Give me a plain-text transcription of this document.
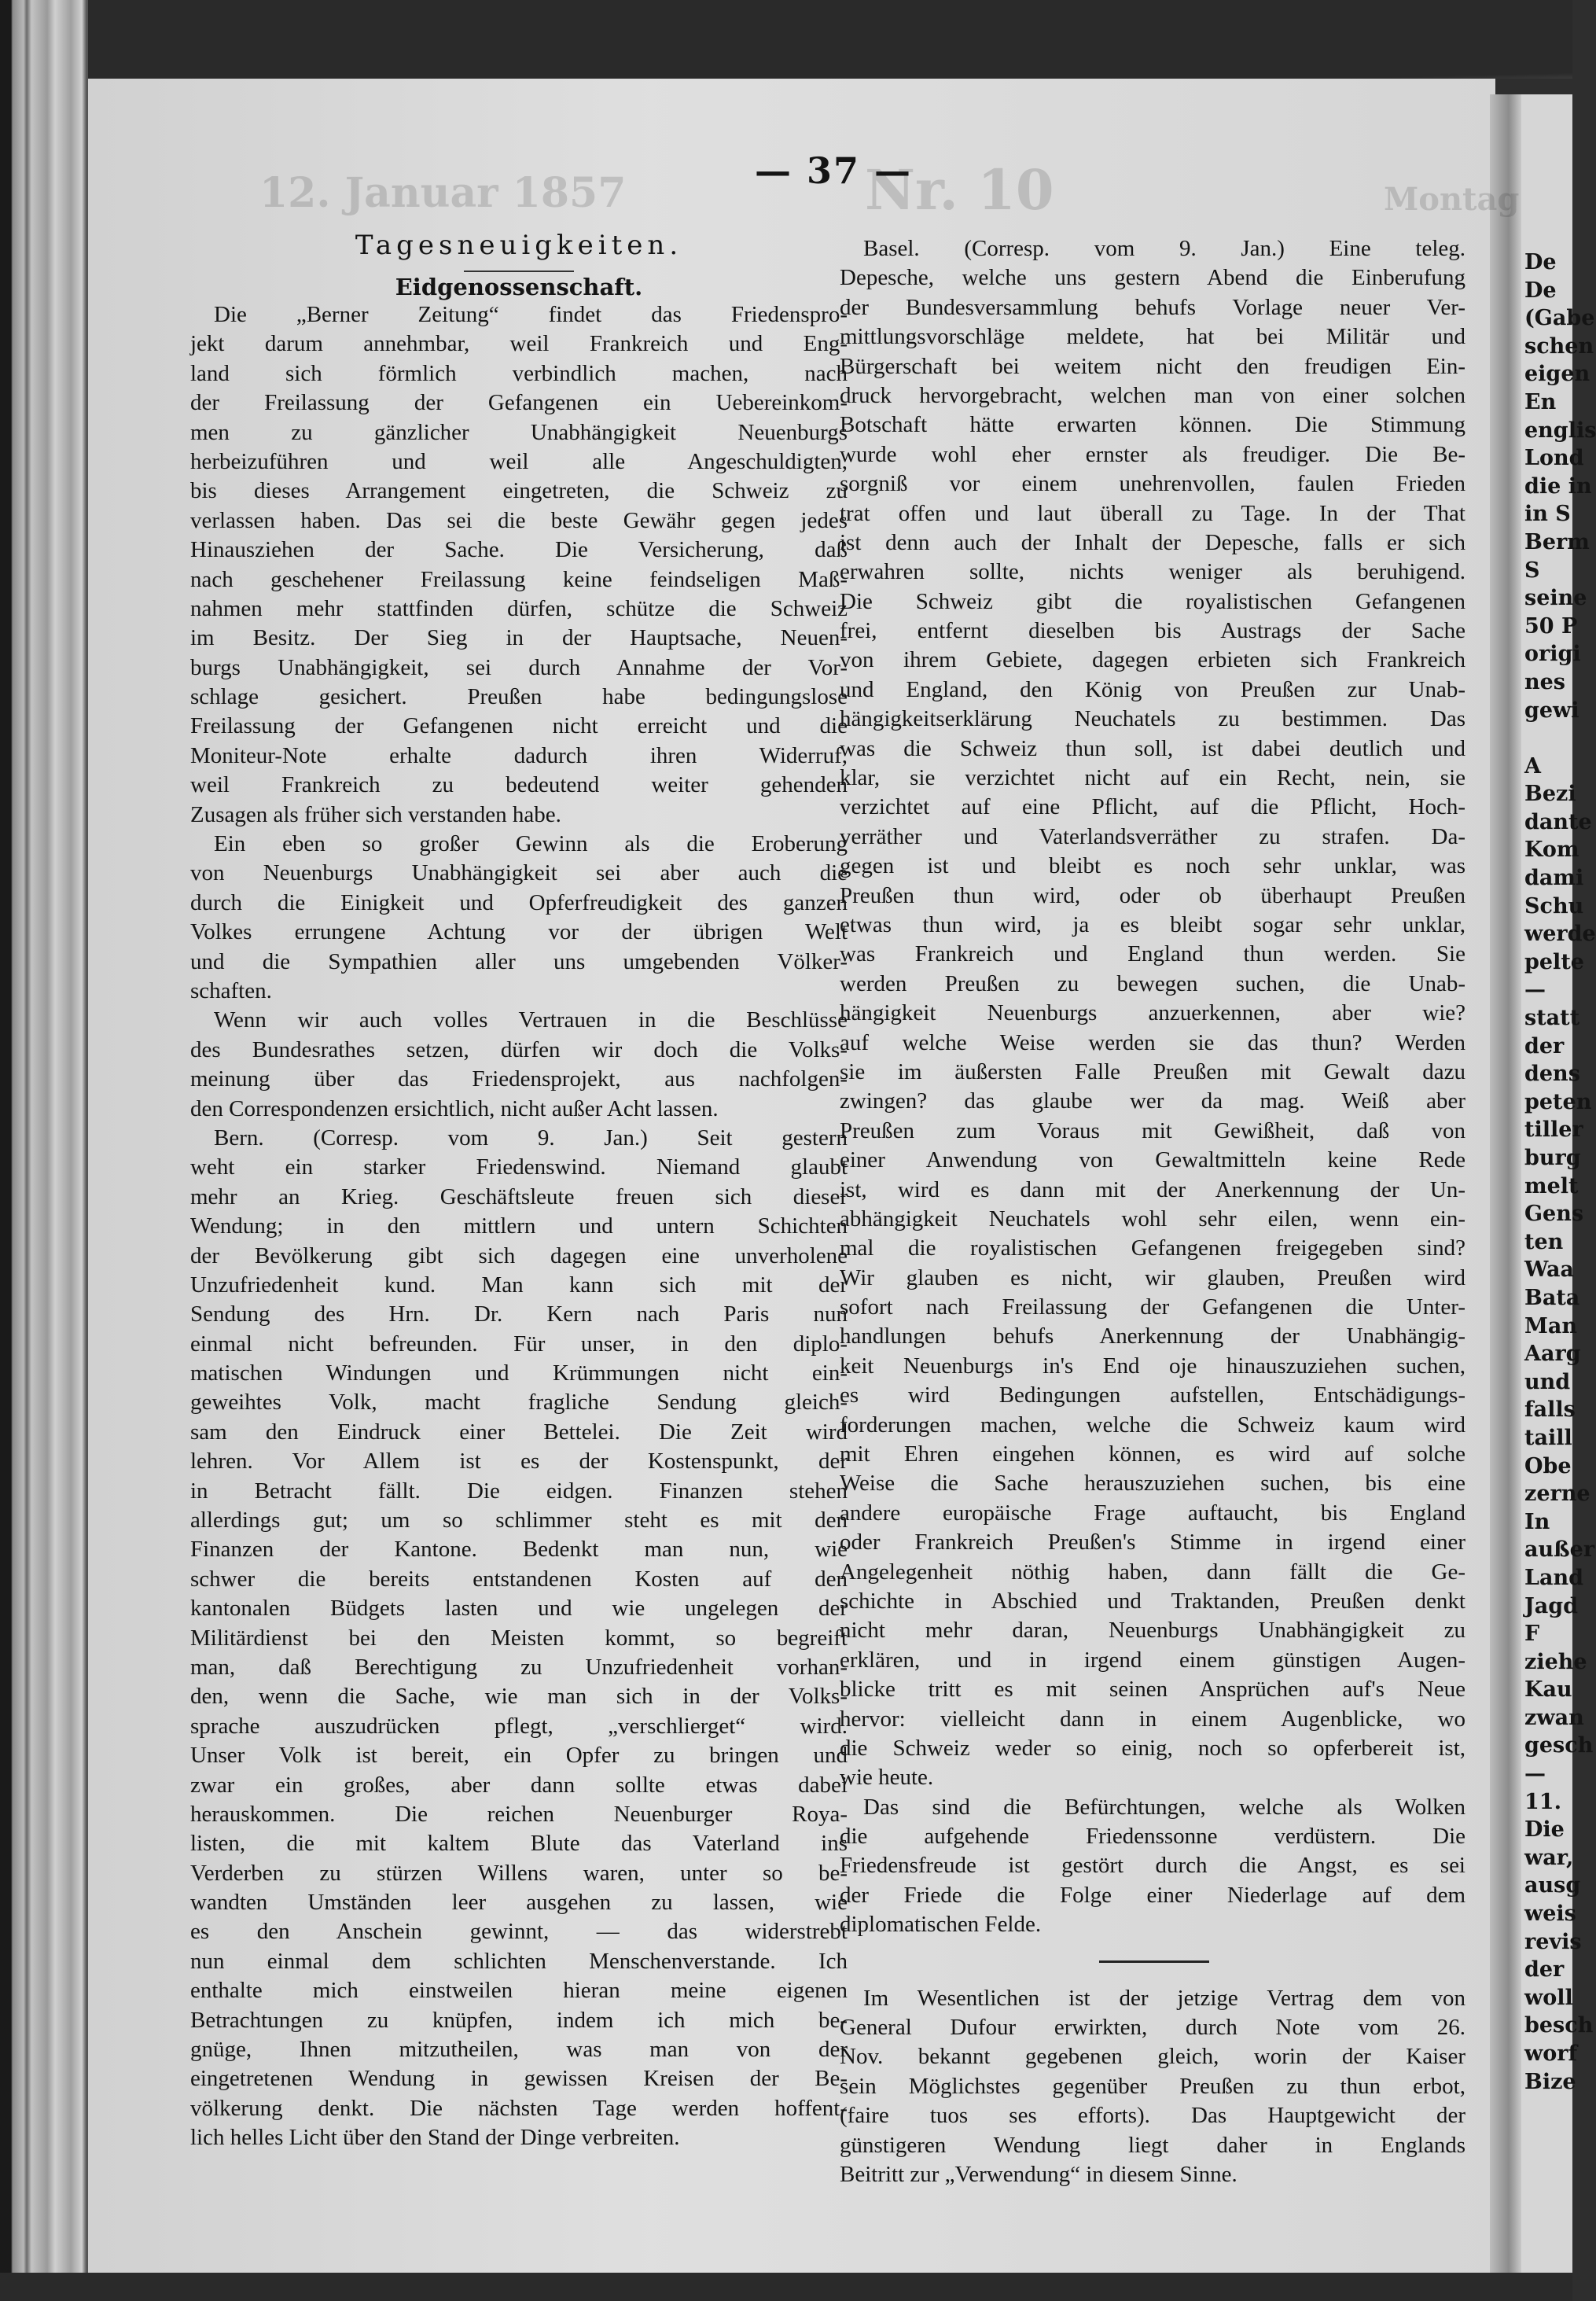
De
De
(Gabe
schen
eigen
En
englis
Lond
die in
in S
Berm
S
seine
50 P
origi
nes
gewi
A
Bezi
dante
Kom
dami
Schu
werde
pelte
—
statt
der
dens
peten
tiller
burg
melt
Gens
ten
Waa
Bata
Man
Aarg
und
falls
taill
Obe
zerne
In
außer
Land
Jagd
F
ziehe
Kau
zwan
gesch
—
11.
Die
war,
ausg
weis
revis
der
woll
besch
worf
Bize
12. Januar 1857	Nr. 10	Montag
— 37 —
Tagesneuigkeiten.
Eidgenossenschaft.
Die „Berner Zeitung“ findet das Friedenspro-
jekt darum annehmbar, weil Frankreich und Eng-
land sich förmlich verbindlich machen, nach
der Freilassung der Gefangenen ein Uebereinkom-
men zu gänzlicher Unabhängigkeit Neuenburgs
herbeizuführen und weil alle Angeschuldigten,
bis dieses Arrangement eingetreten, die Schweiz zu
verlassen haben. Das sei die beste Gewähr gegen jedes
Hinausziehen der Sache. Die Versicherung, daß
nach geschehener Freilassung keine feindseligen Maß-
nahmen mehr stattfinden dürfen, schütze die Schweiz
im Besitz. Der Sieg in der Hauptsache, Neuen-
burgs Unabhängigkeit, sei durch Annahme der Vor-
schlage gesichert. Preußen habe bedingungslose
Freilassung der Gefangenen nicht erreicht und die
Moniteur-Note erhalte dadurch ihren Widerruf,
weil Frankreich zu bedeutend weiter gehenden
Zusagen als früher sich verstanden habe.
Ein eben so großer Gewinn als die Eroberung
von Neuenburgs Unabhängigkeit sei aber auch die
durch die Einigkeit und Opferfreudigkeit des ganzen
Volkes errungene Achtung vor der übrigen Welt
und die Sympathien aller uns umgebenden Völker-
schaften.
Wenn wir auch volles Vertrauen in die Beschlüsse
des Bundesrathes setzen, dürfen wir doch die Volks-
meinung über das Friedensprojekt, aus nachfolgen-
den Correspondenzen ersichtlich, nicht außer Acht lassen.
Bern. (Corresp. vom 9. Jan.) Seit gestern
weht ein starker Friedenswind. Niemand glaubt
mehr an Krieg. Geschäftsleute freuen sich dieser
Wendung; in den mittlern und untern Schichten
der Bevölkerung gibt sich dagegen eine unverholene
Unzufriedenheit kund. Man kann sich mit der
Sendung des Hrn. Dr. Kern nach Paris nun
einmal nicht befreunden. Für unser, in den diplo-
matischen Windungen und Krümmungen nicht ein-
geweihtes Volk, macht fragliche Sendung gleich-
sam den Eindruck einer Bettelei. Die Zeit wird
lehren. Vor Allem ist es der Kostenspunkt, der
in Betracht fällt. Die eidgen. Finanzen stehen
allerdings gut; um so schlimmer steht es mit den
Finanzen der Kantone. Bedenkt man nun, wie
schwer die bereits entstandenen Kosten auf den
kantonalen Büdgets lasten und wie ungelegen der
Militärdienst bei den Meisten kommt, so begreift
man, daß Berechtigung zu Unzufriedenheit vorhan-
den, wenn die Sache, wie man sich in der Volks-
sprache auszudrücken pflegt, „verschlierget“ wird.
Unser Volk ist bereit, ein Opfer zu bringen und
zwar ein großes, aber dann sollte etwas dabei
herauskommen. Die reichen Neuenburger Roya-
listen, die mit kaltem Blute das Vaterland ins
Verderben zu stürzen Willens waren, unter so be-
wandten Umständen leer ausgehen zu lassen, wie
es den Anschein gewinnt, — das widerstrebt
nun einmal dem schlichten Menschenverstande. Ich
enthalte mich einstweilen hieran meine eigenen
Betrachtungen zu knüpfen, indem ich mich be-
gnüge, Ihnen mitzutheilen, was man von der
eingetretenen Wendung in gewissen Kreisen der Be-
völkerung denkt. Die nächsten Tage werden hoffent-
lich helles Licht über den Stand der Dinge verbreiten.
Basel. (Corresp. vom 9. Jan.) Eine teleg.
Depesche, welche uns gestern Abend die Einberufung
der Bundesversammlung behufs Vorlage neuer Ver-
mittlungsvorschläge meldete, hat bei Militär und
Bürgerschaft bei weitem nicht den freudigen Ein-
druck hervorgebracht, welchen man von einer solchen
Botschaft hätte erwarten können. Die Stimmung
wurde wohl eher ernster als freudiger. Die Be-
sorgniß vor einem unehrenvollen, faulen Frieden
trat offen und laut überall zu Tage. In der That
ist denn auch der Inhalt der Depesche, falls er sich
erwahren sollte, nichts weniger als beruhigend.
Die Schweiz gibt die royalistischen Gefangenen
frei, entfernt dieselben bis Austrags der Sache
von ihrem Gebiete, dagegen erbieten sich Frankreich
und England, den König von Preußen zur Unab-
hängigkeitserklärung Neuchatels zu bestimmen. Das
was die Schweiz thun soll, ist dabei deutlich und
klar, sie verzichtet nicht auf ein Recht, nein, sie
verzichtet auf eine Pflicht, auf die Pflicht, Hoch-
verräther und Vaterlandsverräther zu strafen. Da-
gegen ist und bleibt es noch sehr unklar, was
Preußen thun wird, oder ob überhaupt Preußen
etwas thun wird, ja es bleibt sogar sehr unklar,
was Frankreich und England thun werden. Sie
werden Preußen zu bewegen suchen, die Unab-
hängigkeit Neuenburgs anzuerkennen, aber wie?
auf welche Weise werden sie das thun? Werden
sie im äußersten Falle Preußen mit Gewalt dazu
zwingen? das glaube wer da mag. Weiß aber
Preußen zum Voraus mit Gewißheit, daß von
einer Anwendung von Gewaltmitteln keine Rede
ist, wird es dann mit der Anerkennung der Un-
abhängigkeit Neuchatels wohl sehr eilen, wenn ein-
mal die royalistischen Gefangenen freigegeben sind?
Wir glauben es nicht, wir glauben, Preußen wird
sofort nach Freilassung der Gefangenen die Unter-
handlungen behufs Anerkennung der Unabhängig-
keit Neuenburgs in's End oje hinauszuziehen suchen,
es wird Bedingungen aufstellen, Entschädigungs-
forderungen machen, welche die Schweiz kaum wird
mit Ehren eingehen können, es wird auf solche
Weise die Sache herauszuziehen suchen, bis eine
andere europäische Frage auftaucht, bis England
oder Frankreich Preußen's Stimme in irgend einer
Angelegenheit nöthig haben, dann fällt die Ge-
schichte in Abschied und Traktanden, Preußen denkt
nicht mehr daran, Neuenburgs Unabhängigkeit zu
erklären, und in irgend einem günstigen Augen-
blicke tritt es mit seinen Ansprüchen auf's Neue
hervor: vielleicht dann in einem Augenblicke, wo
die Schweiz weder so einig, noch so opferbereit ist,
wie heute.
Das sind die Befürchtungen, welche als Wolken
die aufgehende Friedenssonne verdüstern. Die
Friedensfreude ist gestört durch die Angst, es sei
der Friede die Folge einer Niederlage auf dem
diplomatischen Felde.
Im Wesentlichen ist der jetzige Vertrag dem von
General Dufour erwirkten, durch Note vom 26.
Nov. bekannt gegebenen gleich, worin der Kaiser
sein Möglichstes gegenüber Preußen zu thun erbot,
(faire tuos ses efforts). Das Hauptgewicht der
günstigeren Wendung liegt daher in Englands
Beitritt zur „Verwendung“ in diesem Sinne.
